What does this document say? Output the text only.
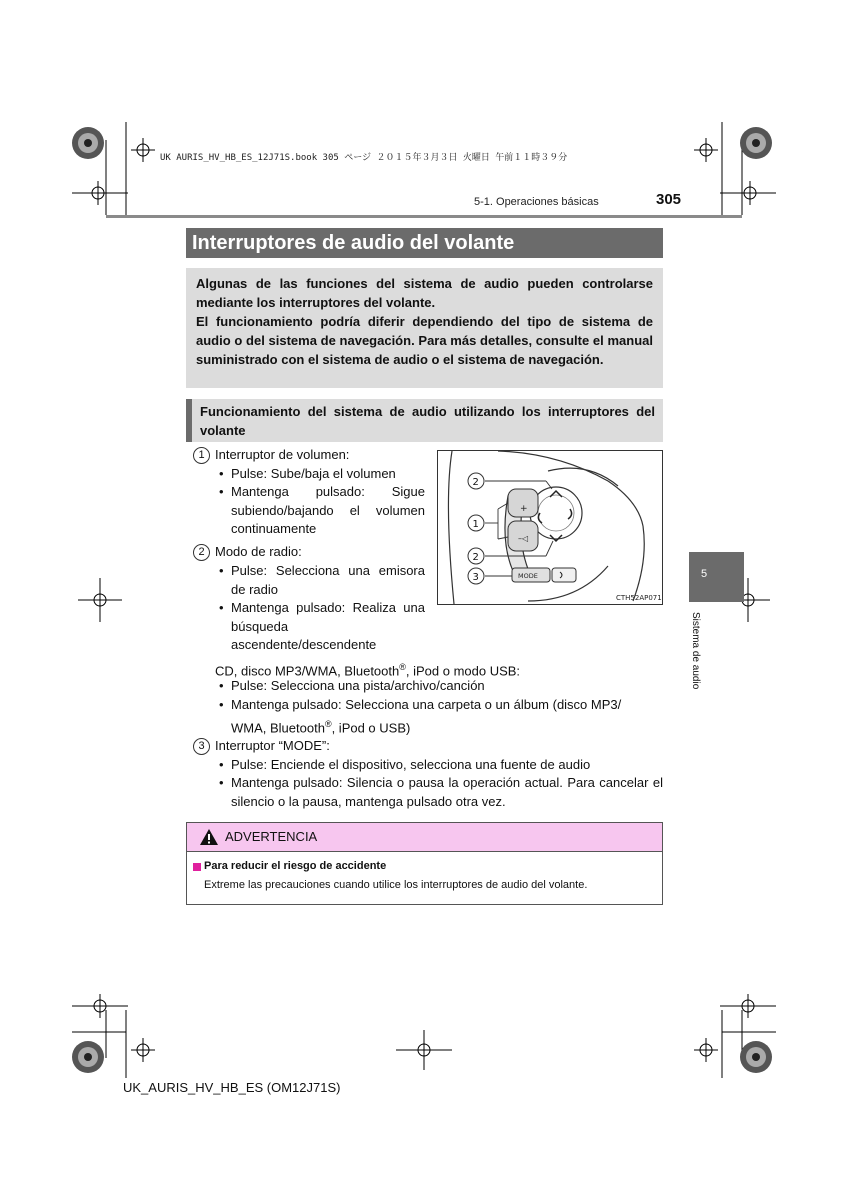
UK AURIS_HV_HB_ES_12J71S.book 305 ページ ２０１５年３月３日 火曜日 午前１１時３９分
5-1. Operaciones básicas	305
Interruptores de audio del volante

Algunas de las funciones del sistema de audio pueden controlarse mediante los interruptores del volante.

El funcionamiento podría diferir dependiendo del tipo de sistema de audio o del sistema de navegación. Para más detalles, consulte el manual suministrado con el sistema de audio o el sistema de navegación.

Funcionamiento del sistema de audio utilizando los interruptores del volante
1 Interruptor de volumen:
• Pulse: Sube/baja el volumen
• Mantenga pulsado: Sigue subiendo/bajando el volumen continuamente
2 Modo de radio:
• Pulse: Selecciona una emisora de radio
• Mantenga pulsado: Realiza una búsqueda ascendente/descendente
CD, disco MP3/WMA, Bluetooth®, iPod o modo USB:
• Pulse: Selecciona una pista/archivo/canción
• Mantenga pulsado: Selecciona una carpeta o un álbum (disco MP3/
WMA, Bluetooth®, iPod o USB)
3 Interruptor “MODE”:
• Pulse: Enciende el dispositivo, selecciona una fuente de audio
• Mantenga pulsado: Silencia o pausa la operación actual. Para cancelar el silencio o la pausa, mantenga pulsado otra vez.
+
–◁
MODE
2
1
2
3
CTH52AP071
ADVERTENCIA
Para reducir el riesgo de accidente
Extreme las precauciones cuando utilice los interruptores de audio del volante.
5
Sistema de audio
UK_AURIS_HV_HB_ES (OM12J71S)
